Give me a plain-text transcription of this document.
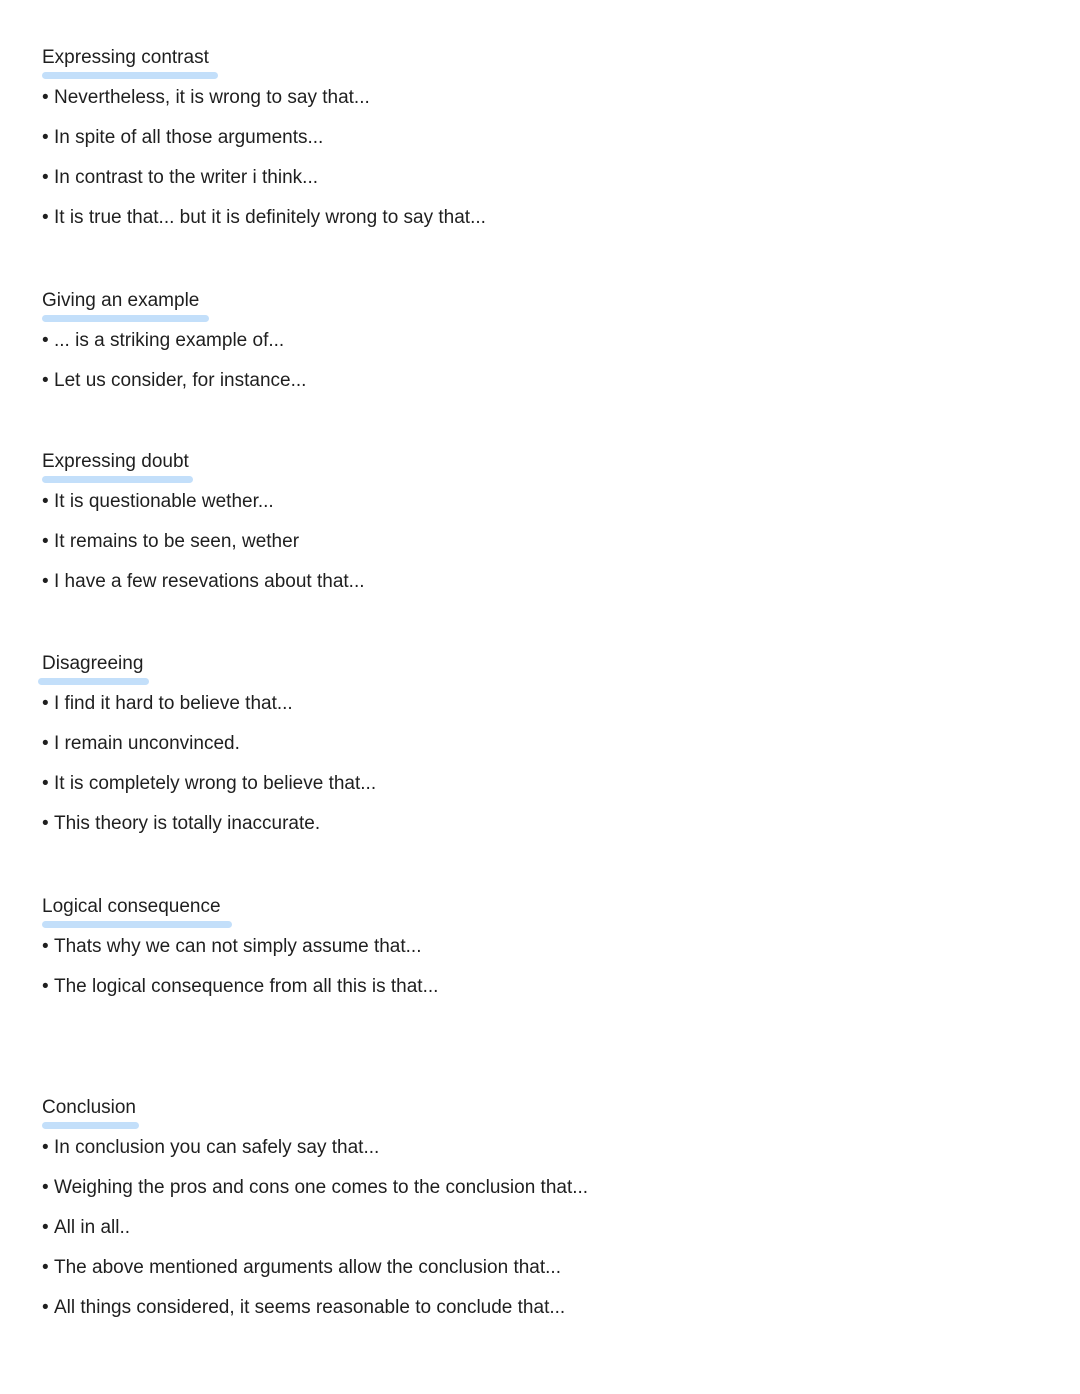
Expressing contrast
• Nevertheless, it is wrong to say that...
• In spite of all those arguments...
• In contrast to the writer i think...
• It is true that... but it is definitely wrong to say that...
Giving an example
• ... is a striking example of...
• Let us consider, for instance...
Expressing doubt
• It is questionable wether...
• It remains to be seen, wether
• I have a few resevations about that...
Disagreeing
• I find it hard to believe that...
• I remain unconvinced.
• It is completely wrong to believe that...
• This theory is totally inaccurate.
Logical consequence
• Thats why we can not simply assume that...
• The logical consequence from all this is that...
Conclusion
• In conclusion you can safely say that...
• Weighing the pros and cons one comes to the conclusion that...
• All in all..
• The above mentioned arguments allow the conclusion that...
• All things considered, it seems reasonable to conclude that...
